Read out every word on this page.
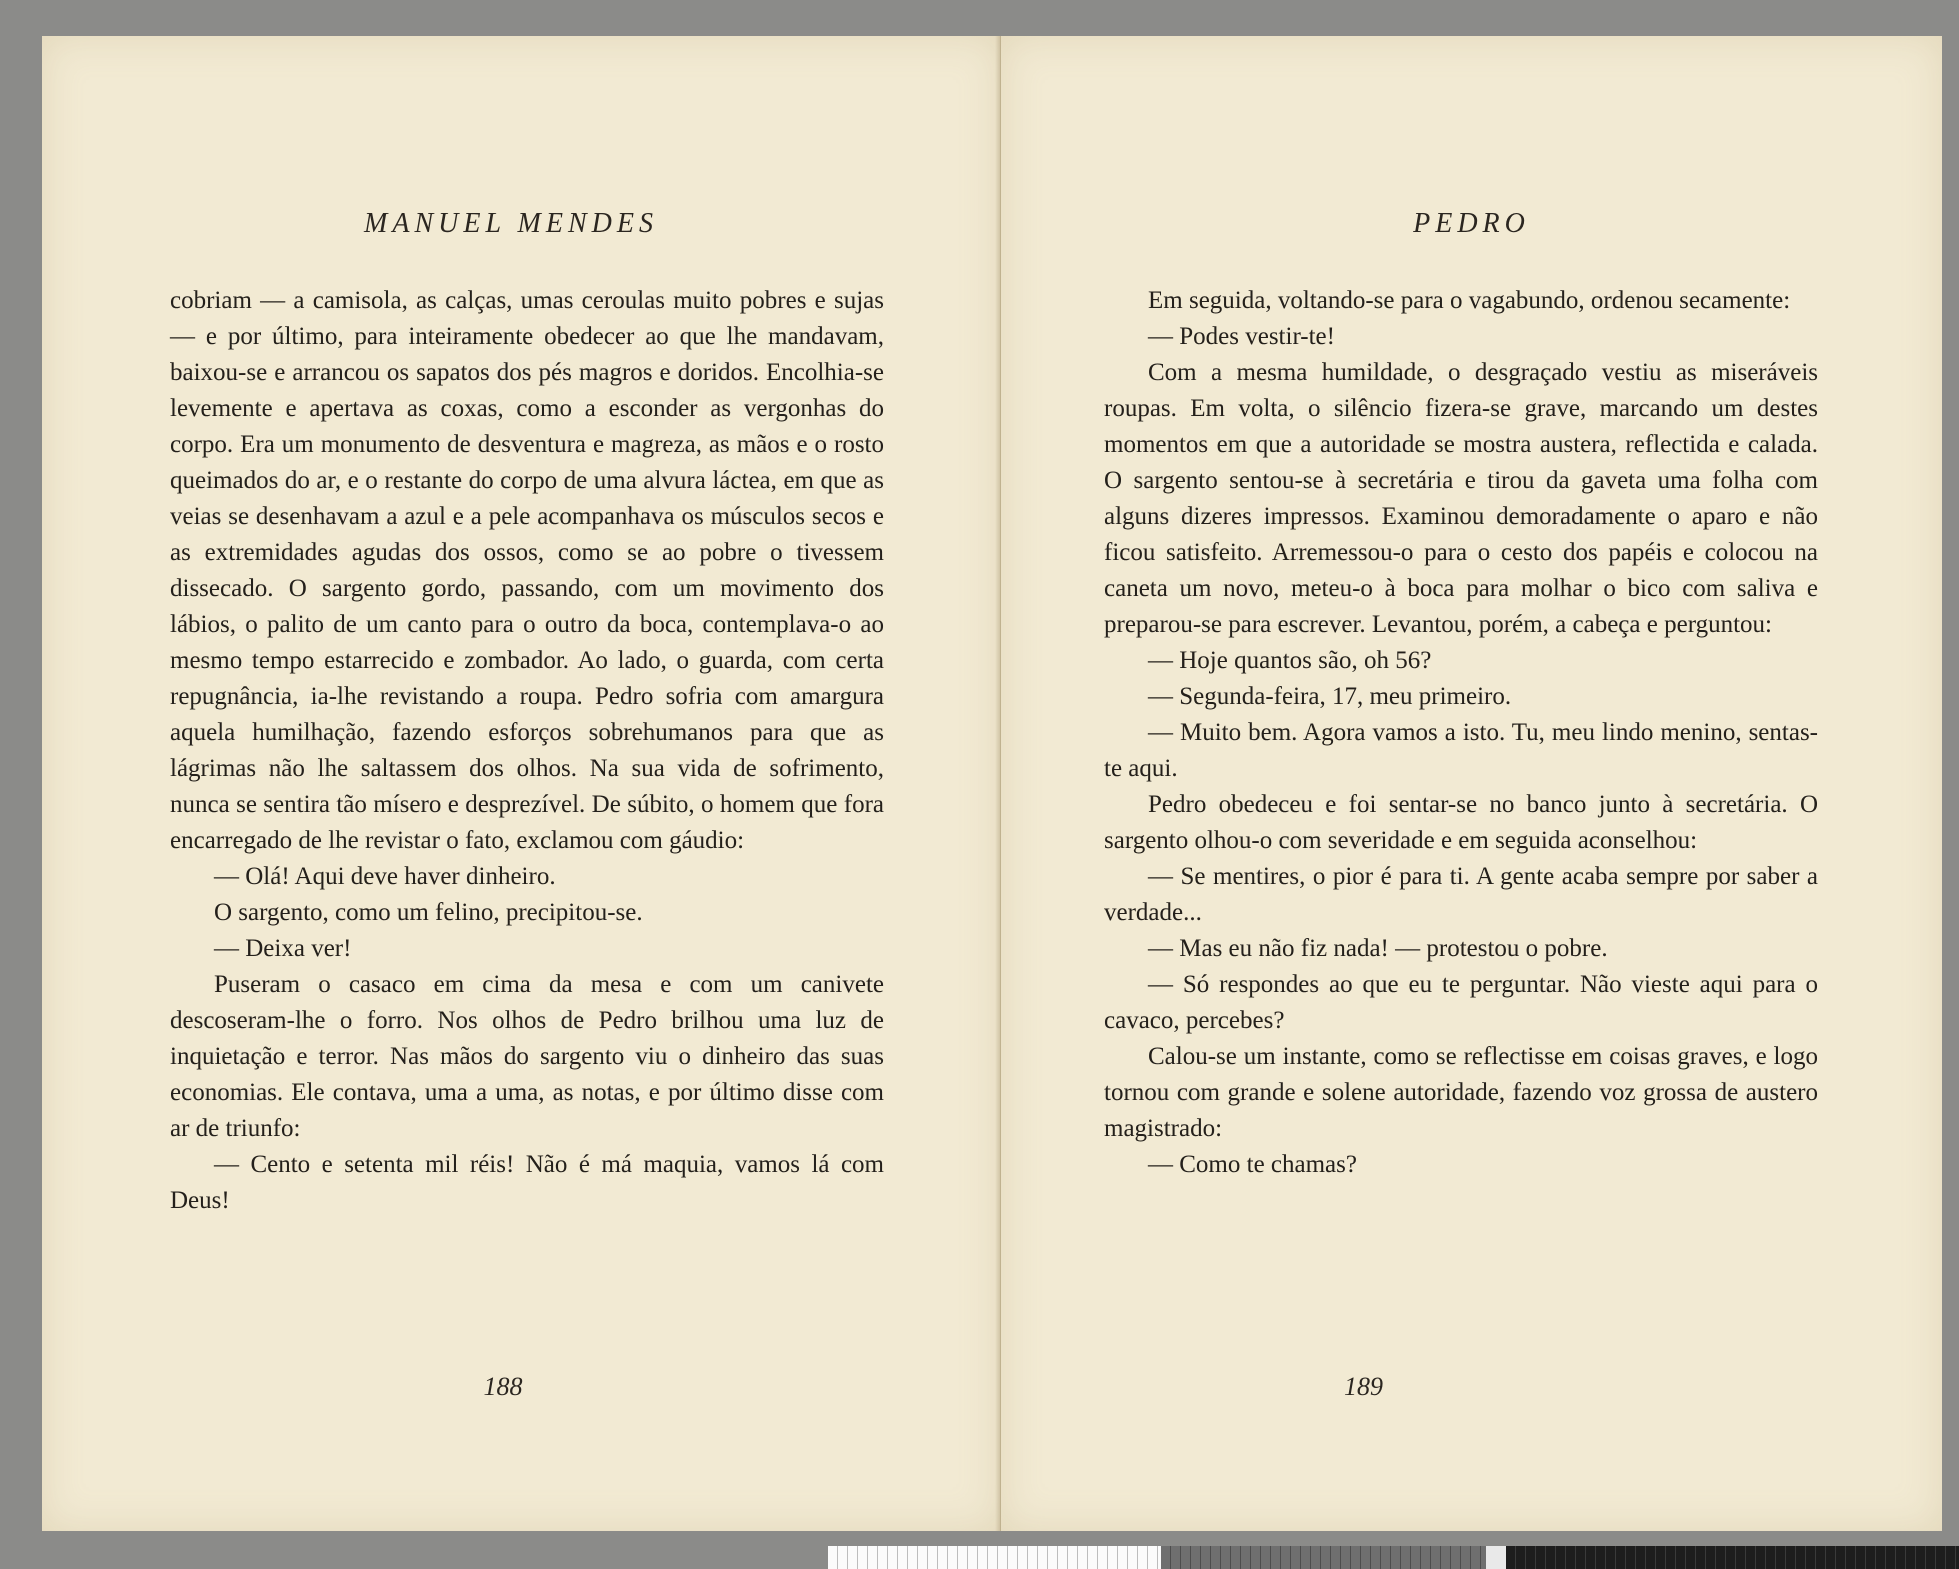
MANUEL MENDES

cobriam — a camisola, as calças, umas ceroulas muito pobres e sujas — e por último, para inteiramente obedecer ao que lhe mandavam, baixou-se e arrancou os sapatos dos pés magros e doridos. Encolhia-se levemente e apertava as coxas, como a esconder as vergonhas do corpo. Era um monumento de desventura e magreza, as mãos e o rosto queimados do ar, e o restante do corpo de uma alvura láctea, em que as veias se desenhavam a azul e a pele acompanhava os músculos secos e as extremidades agudas dos ossos, como se ao pobre o tivessem dissecado. O sargento gordo, passando, com um movimento dos lábios, o palito de um canto para o outro da boca, contemplava-o ao mesmo tempo estarrecido e zombador. Ao lado, o guarda, com certa repugnância, ia-lhe revistando a roupa. Pedro sofria com amargura aquela humilhação, fazendo esforços sobrehumanos para que as lágrimas não lhe saltassem dos olhos. Na sua vida de sofrimento, nunca se sentira tão mísero e desprezível. De súbito, o homem que fora encarregado de lhe revistar o fato, exclamou com gáudio:

— Olá! Aqui deve haver dinheiro.

O sargento, como um felino, precipitou-se.

— Deixa ver!

Puseram o casaco em cima da mesa e com um canivete descoseram-lhe o forro. Nos olhos de Pedro brilhou uma luz de inquietação e terror. Nas mãos do sargento viu o dinheiro das suas economias. Ele contava, uma a uma, as notas, e por último disse com ar de triunfo:

— Cento e setenta mil réis! Não é má maquia, vamos lá com Deus!

188
PEDRO

Em seguida, voltando-se para o vagabundo, ordenou secamente:

— Podes vestir-te!

Com a mesma humildade, o desgraçado vestiu as miseráveis roupas. Em volta, o silêncio fizera-se grave, marcando um destes momentos em que a autoridade se mostra austera, reflectida e calada. O sargento sentou-se à secretária e tirou da gaveta uma folha com alguns dizeres impressos. Examinou demoradamente o aparo e não ficou satisfeito. Arremessou-o para o cesto dos papéis e colocou na caneta um novo, meteu-o à boca para molhar o bico com saliva e preparou-se para escrever. Levantou, porém, a cabeça e perguntou:

— Hoje quantos são, oh 56?

— Segunda-feira, 17, meu primeiro.

— Muito bem. Agora vamos a isto. Tu, meu lindo menino, sentas-te aqui.

Pedro obedeceu e foi sentar-se no banco junto à secretária. O sargento olhou-o com severidade e em seguida aconselhou:

— Se mentires, o pior é para ti. A gente acaba sempre por saber a verdade...

— Mas eu não fiz nada! — protestou o pobre.

— Só respondes ao que eu te perguntar. Não vieste aqui para o cavaco, percebes?

Calou-se um instante, como se reflectisse em coisas graves, e logo tornou com grande e solene autoridade, fazendo voz grossa de austero magistrado:

— Como te chamas?

189
